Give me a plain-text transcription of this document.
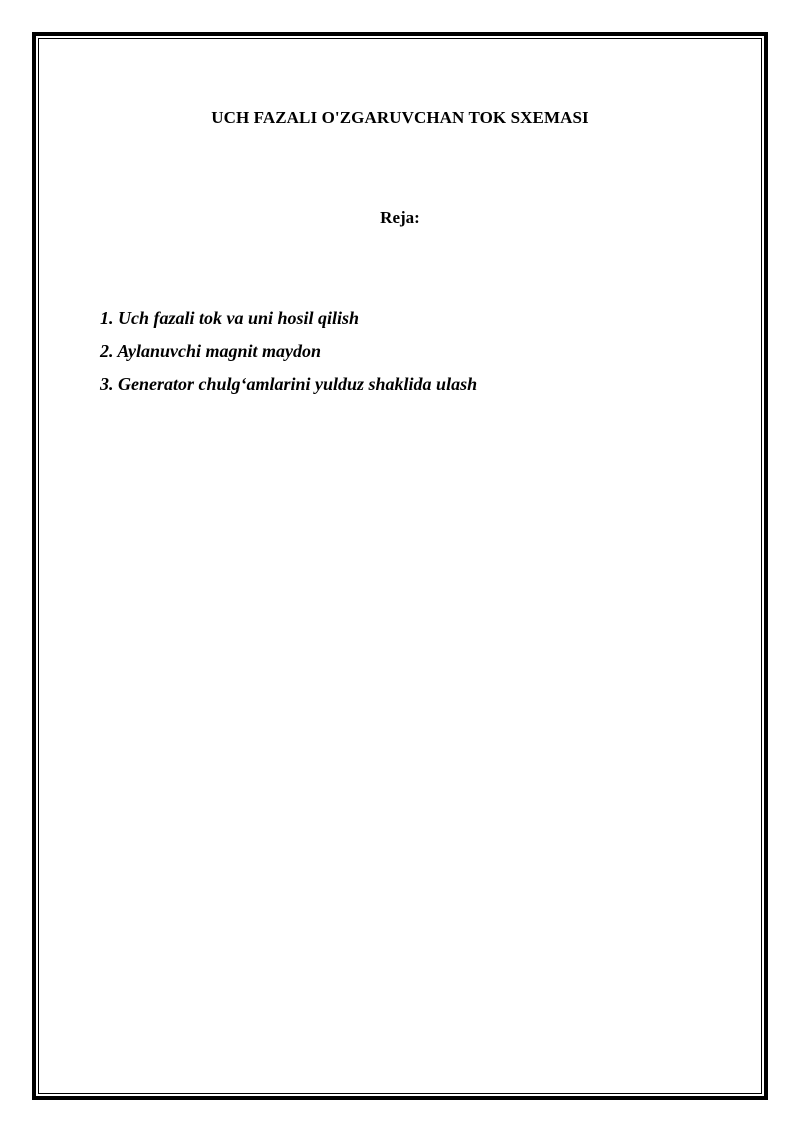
UCH FAZALI O'ZGARUVCHAN TOK SXEMASI
Reja:
1. Uch fazali tok va uni hosil qilish
2. Aylanuvchi magnit maydon
3. Generator chulg‘amlarini yulduz shaklida ulash
